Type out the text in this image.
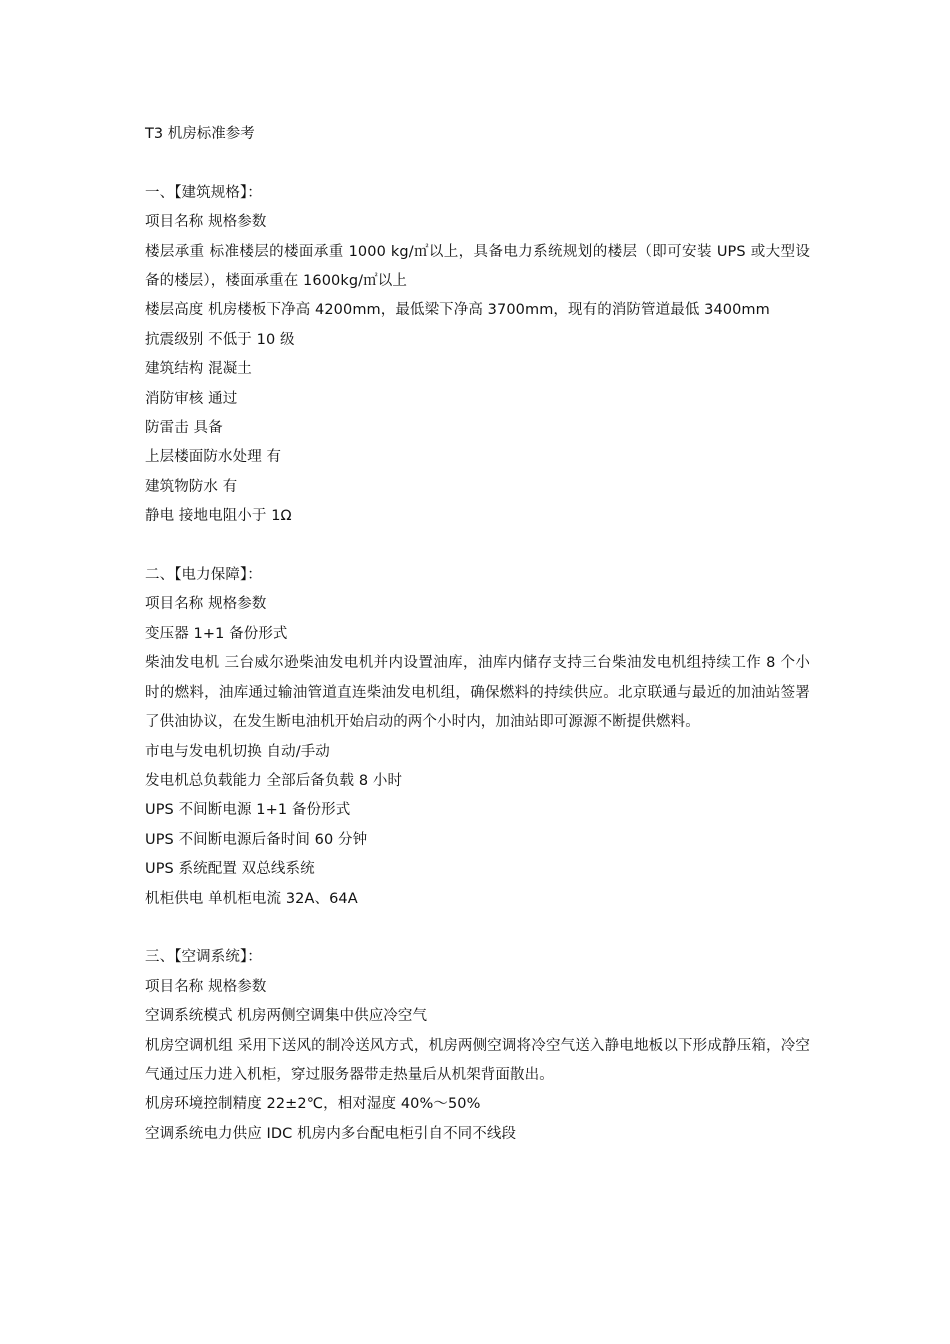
T3 机房标准参考
一、【建筑规格】：
项目名称 规格参数
楼层承重 标准楼层的楼面承重 1000 kg/㎡以上，具备电力系统规划的楼层（即可安装 UPS 或大型设备的楼层），楼面承重在 1600kg/㎡以上
楼层高度 机房楼板下净高 4200mm，最低梁下净高 3700mm，现有的消防管道最低 3400mm
抗震级别 不低于 10 级
建筑结构 混凝土
消防审核 通过
防雷击 具备
上层楼面防水处理 有
建筑物防水 有
静电 接地电阻小于 1Ω
二、【电力保障】：
项目名称 规格参数
变压器 1+1 备份形式
柴油发电机 三台威尔逊柴油发电机并内设置油库，油库内储存支持三台柴油发电机组持续工作 8 个小时的燃料，油库通过输油管道直连柴油发电机组，确保燃料的持续供应。北京联通与最近的加油站签署了供油协议，在发生断电油机开始启动的两个小时内，加油站即可源源不断提供燃料。
市电与发电机切换 自动/手动
发电机总负载能力 全部后备负载 8 小时
UPS 不间断电源 1+1 备份形式
UPS 不间断电源后备时间 60 分钟
UPS 系统配置 双总线系统
机柜供电 单机柜电流 32A、64A
三、【空调系统】：
项目名称 规格参数
空调系统模式 机房两侧空调集中供应冷空气
机房空调机组 采用下送风的制冷送风方式，机房两侧空调将冷空气送入静电地板以下形成静压箱，冷空气通过压力进入机柜，穿过服务器带走热量后从机架背面散出。
机房环境控制精度 22±2℃，相对湿度 40%～50%
空调系统电力供应 IDC 机房内多台配电柜引自不同不线段
